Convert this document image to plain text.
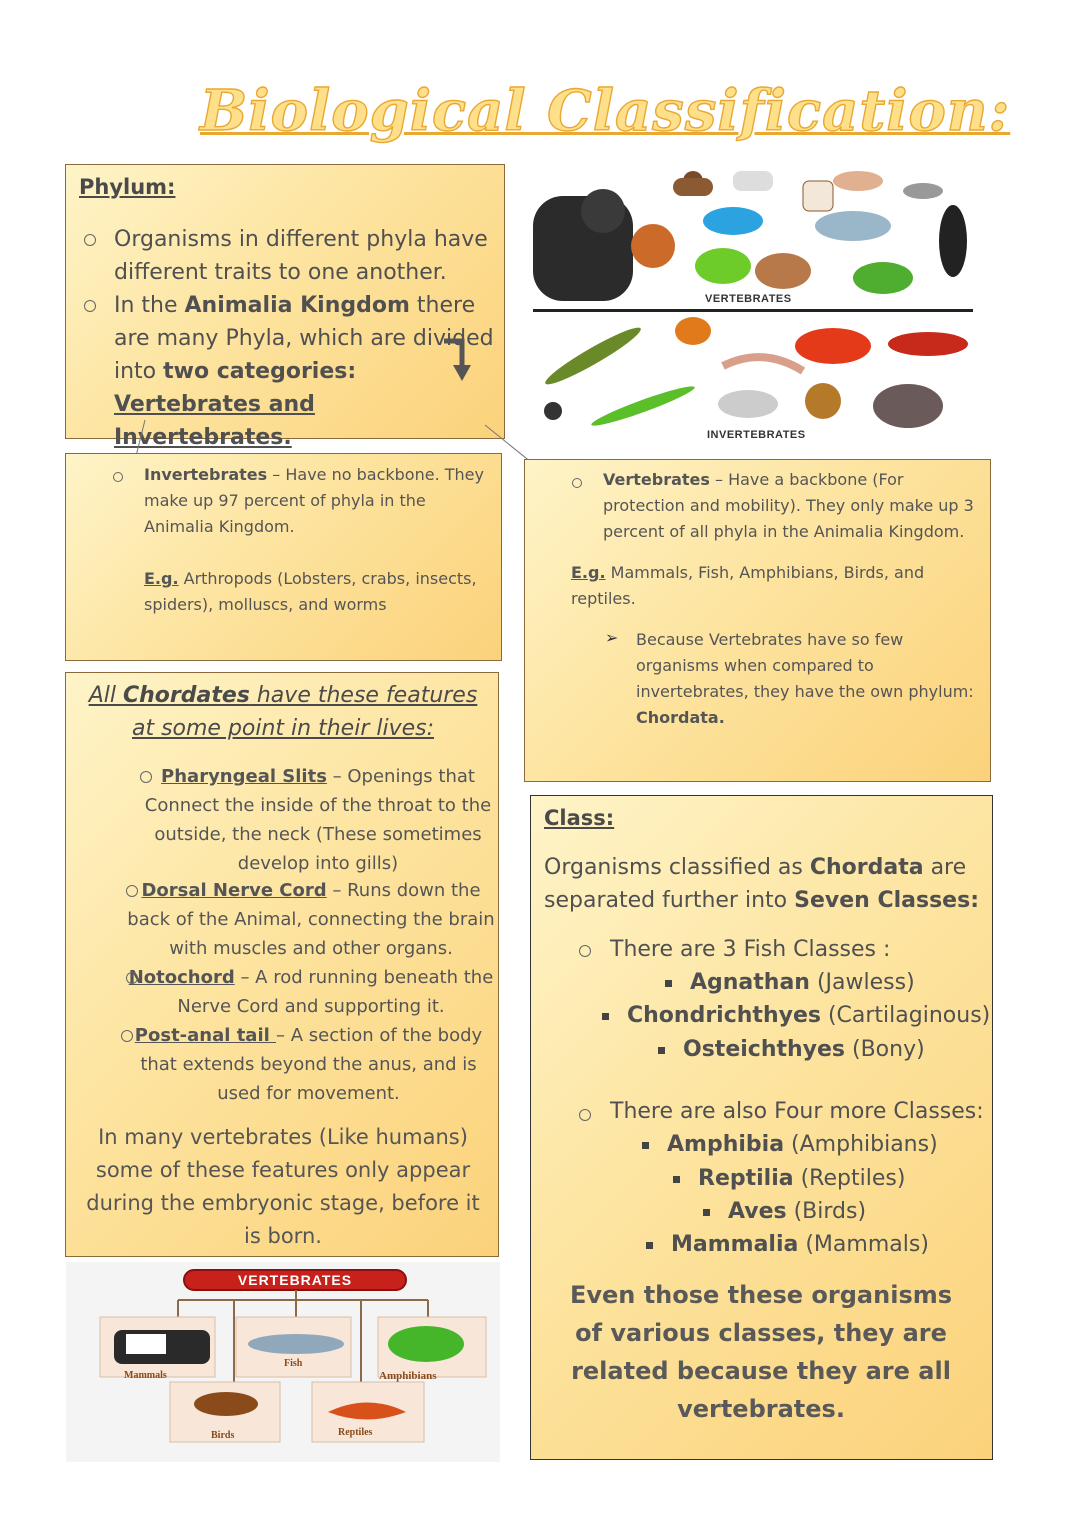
Biological Classification:
Phylum:
Organisms in different phyla have different traits to one another.
In the Animalia Kingdom there are many Phyla, which are divided into two categories:
Vertebrates and Invertebrates.
Invertebrates – Have no backbone. They make up 97 percent of phyla in the Animalia Kingdom.
E.g. Arthropods (Lobsters, crabs, insects, spiders), molluscs, and worms
VERTEBRATES
INVERTEBRATES
Vertebrates – Have a backbone (For protection and mobility). They only make up 3 percent of all phyla in the Animalia Kingdom.
E.g. Mammals, Fish, Amphibians, Birds, and reptiles.
➢ Because Vertebrates have so few organisms when compared to invertebrates, they have the own phylum:
Chordata.
All Chordates have these features at some point in their lives:
Pharyngeal Slits – Openings that Connect the inside of the throat to the outside, the neck (These sometimes develop into gills)
Dorsal Nerve Cord – Runs down the back of the Animal, connecting the brain with muscles and other organs.
Notochord – A rod running beneath the Nerve Cord and supporting it.
Post-anal tail – A section of the body that extends beyond the anus, and is used for movement.
In many vertebrates (Like humans) some of these features only appear during the embryonic stage, before it is born.
VERTEBRATES
Mammals
Fish
Amphibians
Birds	Reptiles
Class:
Organisms classified as Chordata are separated further into Seven Classes:
There are 3 Fish Classes :
Agnathan (Jawless)
Chondrichthyes (Cartilaginous)
Osteichthyes (Bony)
There are also Four more Classes:
Amphibia (Amphibians)
Reptilia (Reptiles)
Aves (Birds)
Mammalia (Mammals)
Even those these organisms of various classes, they are related because they are all vertebrates.
